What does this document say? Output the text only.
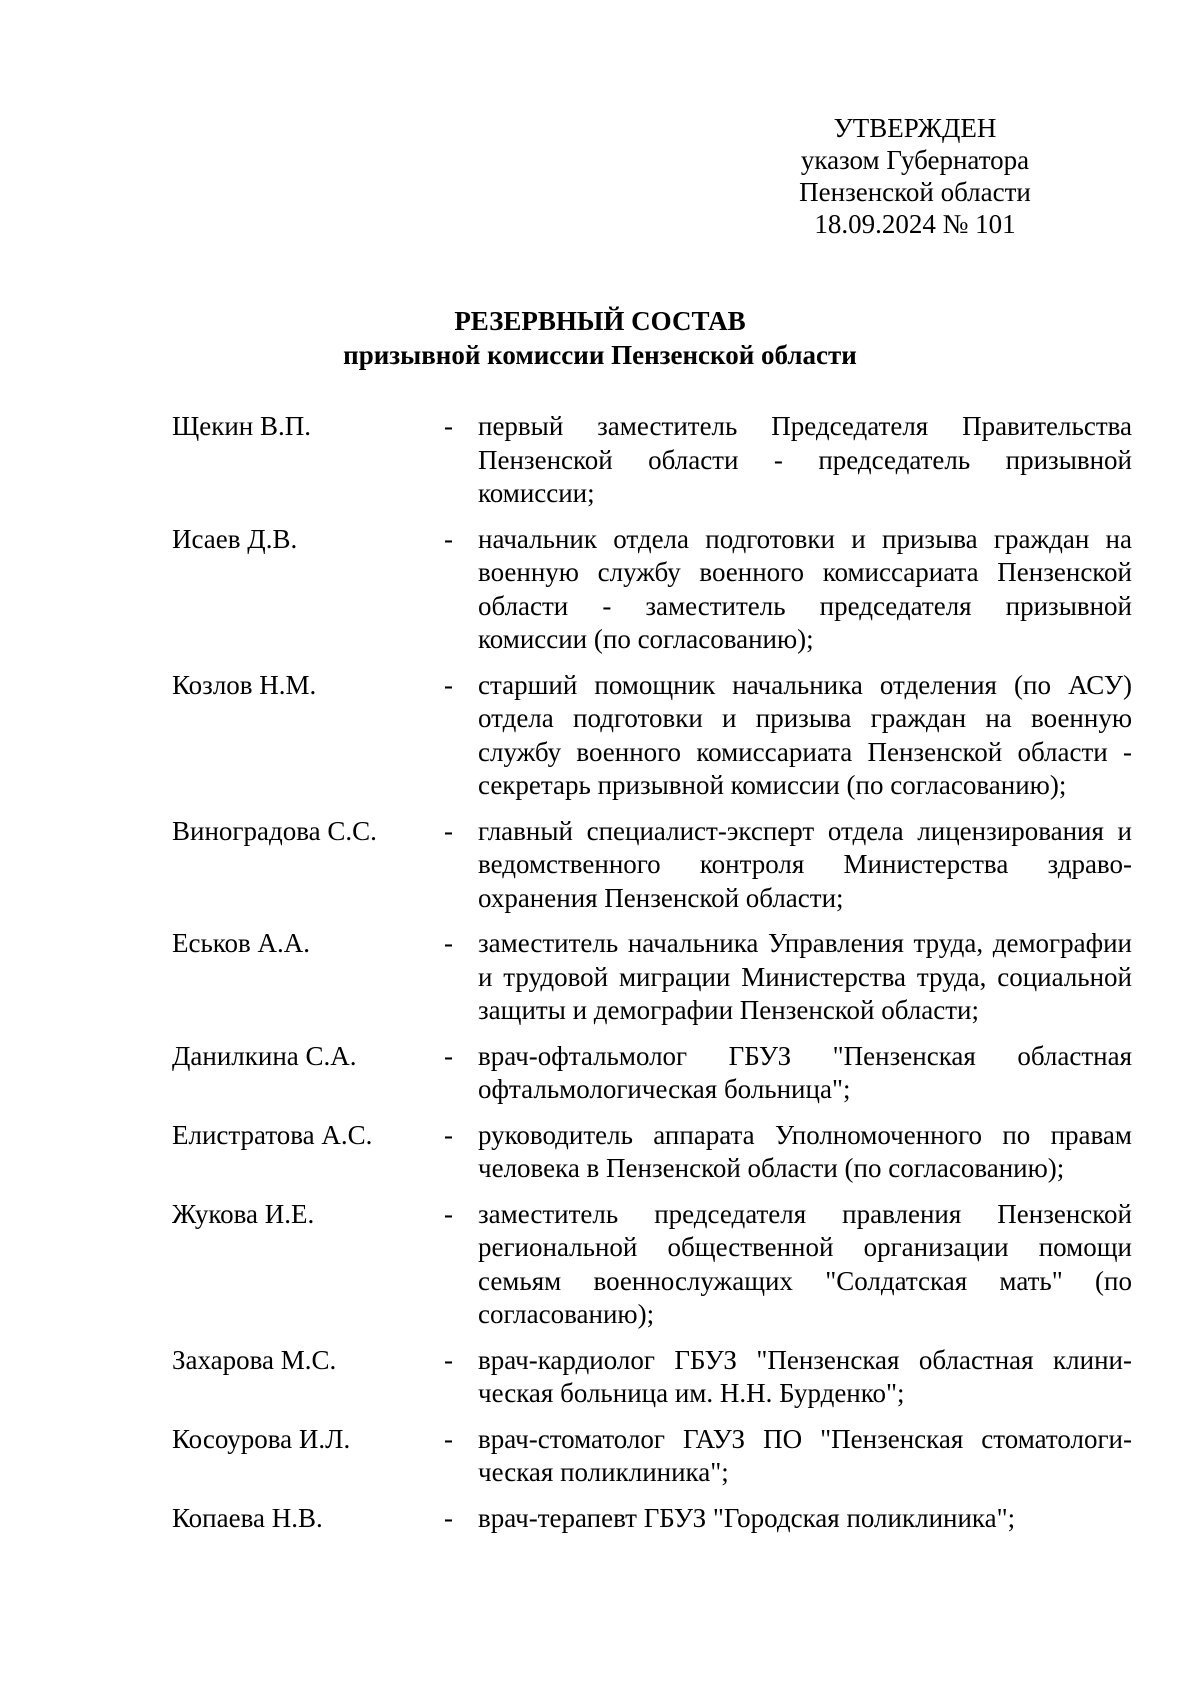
УТВЕРЖДЕН
указом Губернатора
Пензенской области
18.09.2024 № 101
РЕЗЕРВНЫЙ СОСТАВ
призывной комиссии Пензенской области
Щекин В.П.	- первый заместитель Председателя Правительства Пензенской области - председатель призывной комиссии;
Исаев Д.В.	- начальник отдела подготовки и призыва граждан на военную службу военного комиссариата Пензенской области - заместитель председателя призывной комиссии (по согласованию);
Козлов Н.М.	- старший помощник начальника отделения (по АСУ) отдела подготовки и призыва граждан на военную службу военного комиссариата Пензенской области - секретарь призывной комиссии (по согласованию);
Виноградова С.С.	- главный специалист-эксперт отдела лицензирования и ведомственного контроля Министерства здравоохранения Пензенской области;
Еськов А.А.	- заместитель начальника Управления труда, демографии и трудовой миграции Министерства труда, социальной защиты и демографии Пензенской области;
Данилкина С.А.	- врач-офтальмолог ГБУЗ "Пензенская областная офтальмологическая больница";
Елистратова А.С.	- руководитель аппарата Уполномоченного по правам человека в Пензенской области (по согласованию);
Жукова И.Е.	- заместитель председателя правления Пензенской региональной общественной организации помощи семьям военнослужащих "Солдатская мать" (по согласованию);
Захарова М.С.	- врач-кардиолог ГБУЗ "Пензенская областная клиническая больница им. Н.Н. Бурденко";
Косоурова И.Л.	- врач-стоматолог ГАУЗ ПО "Пензенская стоматологическая поликлиника";
Копаева Н.В.	- врач-терапевт ГБУЗ "Городская поликлиника";
